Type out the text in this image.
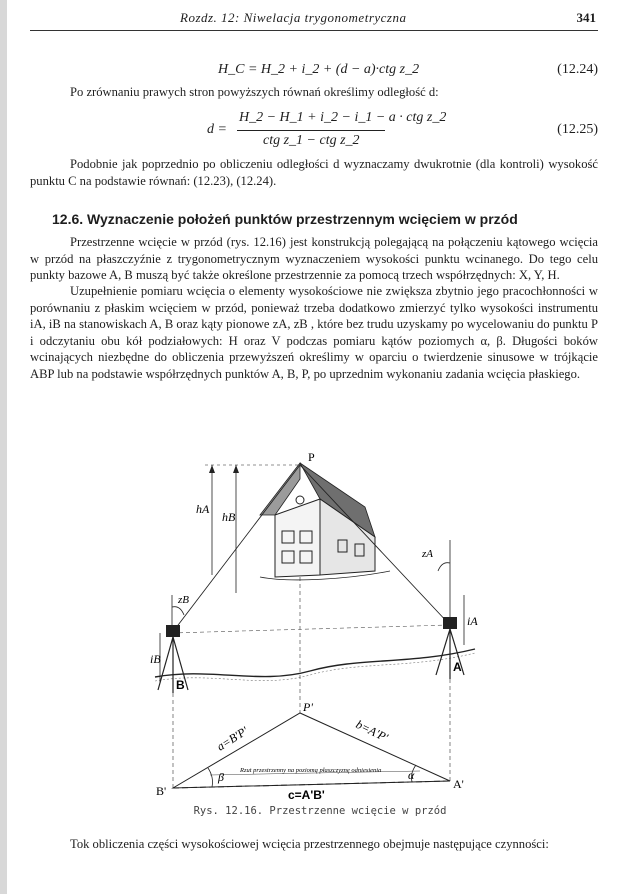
Rozdz. 12: Niwelacja trygonometryczna	341
H_C = H_2 + i_2 + (d − a)·ctg z_2	(12.24)

Po zrównaniu prawych stron powyższych równań określimy odległość d:

d =
H_2 − H_1 + i_2 − i_1 − a · ctg z_2
ctg z_1 − ctg z_2
(12.25)

Podobnie jak poprzednio po obliczeniu odległości d wyznaczamy dwukrotnie (dla kontroli) wysokość punktu C na podstawie równań: (12.23), (12.24).

12.6. Wyznaczenie położeń punktów przestrzennym wcięciem w przód

Przestrzenne wcięcie w przód (rys. 12.16) jest konstrukcją polegającą na połączeniu kątowego wcięcia w przód na płaszczyźnie z trygonometrycznym wyznaczeniem wysokości punktu wcinanego. Do tego celu punkty bazowe A, B muszą być także określone przestrzennie za pomocą trzech współrzędnych: X, Y, H.

Uzupełnienie pomiaru wcięcia o elementy wysokościowe nie zwiększa zbytnio jego pracochłonności w porównaniu z płaskim wcięciem w przód, ponieważ trzeba dodatkowo zmierzyć tylko wysokości instrumentu iA, iB na stanowiskach A, B oraz kąty pionowe zA, zB , które bez trudu uzyskamy po wycelowaniu do punktu P i odczytaniu obu kół podziałowych: H oraz V podczas pomiaru kątów poziomych α, β. Długości boków wcinających niezbędne do obliczenia przewyższeń określimy w oparciu o twierdzenie sinusowe w trójkącie ABP lub na podstawie współrzędnych punktów A, B, P, po uprzednim wykonaniu zadania wcięcia płaskiego.

P
hA
hB
zA
zB
iA
iB
B
A
P'
a=B'P'	b=A'P'
B'	A'
c=A'B'
β	α
Rzut przestrzenny na poziomą płaszczyznę odniesienia
Rys. 12.16. Przestrzenne wcięcie w przód

Tok obliczenia części wysokościowej wcięcia przestrzennego obejmuje następujące czynności:
